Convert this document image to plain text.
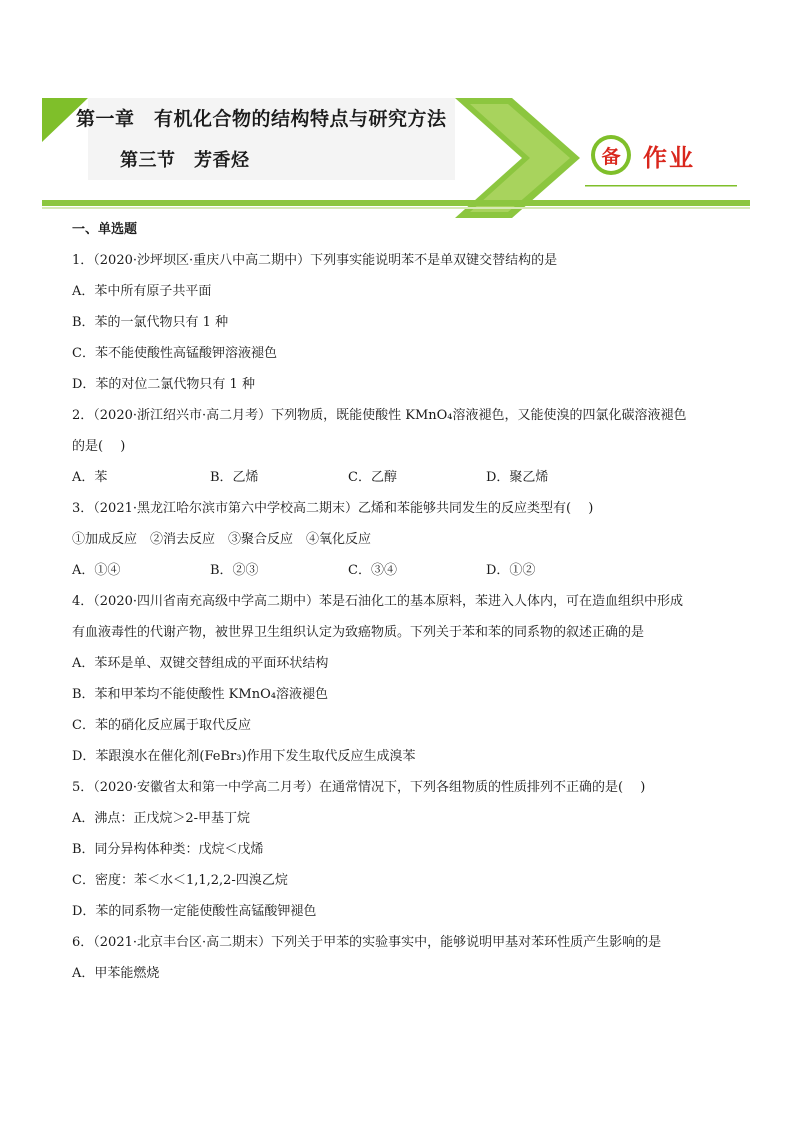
第一章　有机化合物的结构特点与研究方法
第三节　芳香烃	备 作业
一、单选题
1．（2020·沙坪坝区·重庆八中高二期中）下列事实能说明苯不是单双键交替结构的是
A．苯中所有原子共平面
B．苯的一氯代物只有 1 种
C．苯不能使酸性高锰酸钾溶液褪色
D．苯的对位二氯代物只有 1 种
2．（2020·浙江绍兴市·高二月考）下列物质，既能使酸性 KMnO₄溶液褪色，又能使溴的四氯化碳溶液褪色
的是(　 )
A．苯	B．乙烯	C．乙醇	D．聚乙烯
3．（2021·黑龙江哈尔滨市第六中学校高二期末）乙烯和苯能够共同发生的反应类型有(　 )
①加成反应　②消去反应　③聚合反应　④氧化反应
A．①④	B．②③	C．③④	D．①②
4．（2020·四川省南充高级中学高二期中）苯是石油化工的基本原料，苯进入人体内，可在造血组织中形成
有血液毒性的代谢产物，被世界卫生组织认定为致癌物质。下列关于苯和苯的同系物的叙述正确的是
A．苯环是单、双键交替组成的平面环状结构
B．苯和甲苯均不能使酸性 KMnO₄溶液褪色
C．苯的硝化反应属于取代反应
D．苯跟溴水在催化剂(FeBr₃)作用下发生取代反应生成溴苯
5．（2020·安徽省太和第一中学高二月考）在通常情况下，下列各组物质的性质排列不正确的是(　 )
A．沸点：正戊烷＞2-甲基丁烷
B．同分异构体种类：戊烷＜戊烯
C．密度：苯＜水＜1,1,2,2-四溴乙烷
D．苯的同系物一定能使酸性高锰酸钾褪色
6．（2021·北京丰台区·高二期末）下列关于甲苯的实验事实中，能够说明甲基对苯环性质产生影响的是
A．甲苯能燃烧
